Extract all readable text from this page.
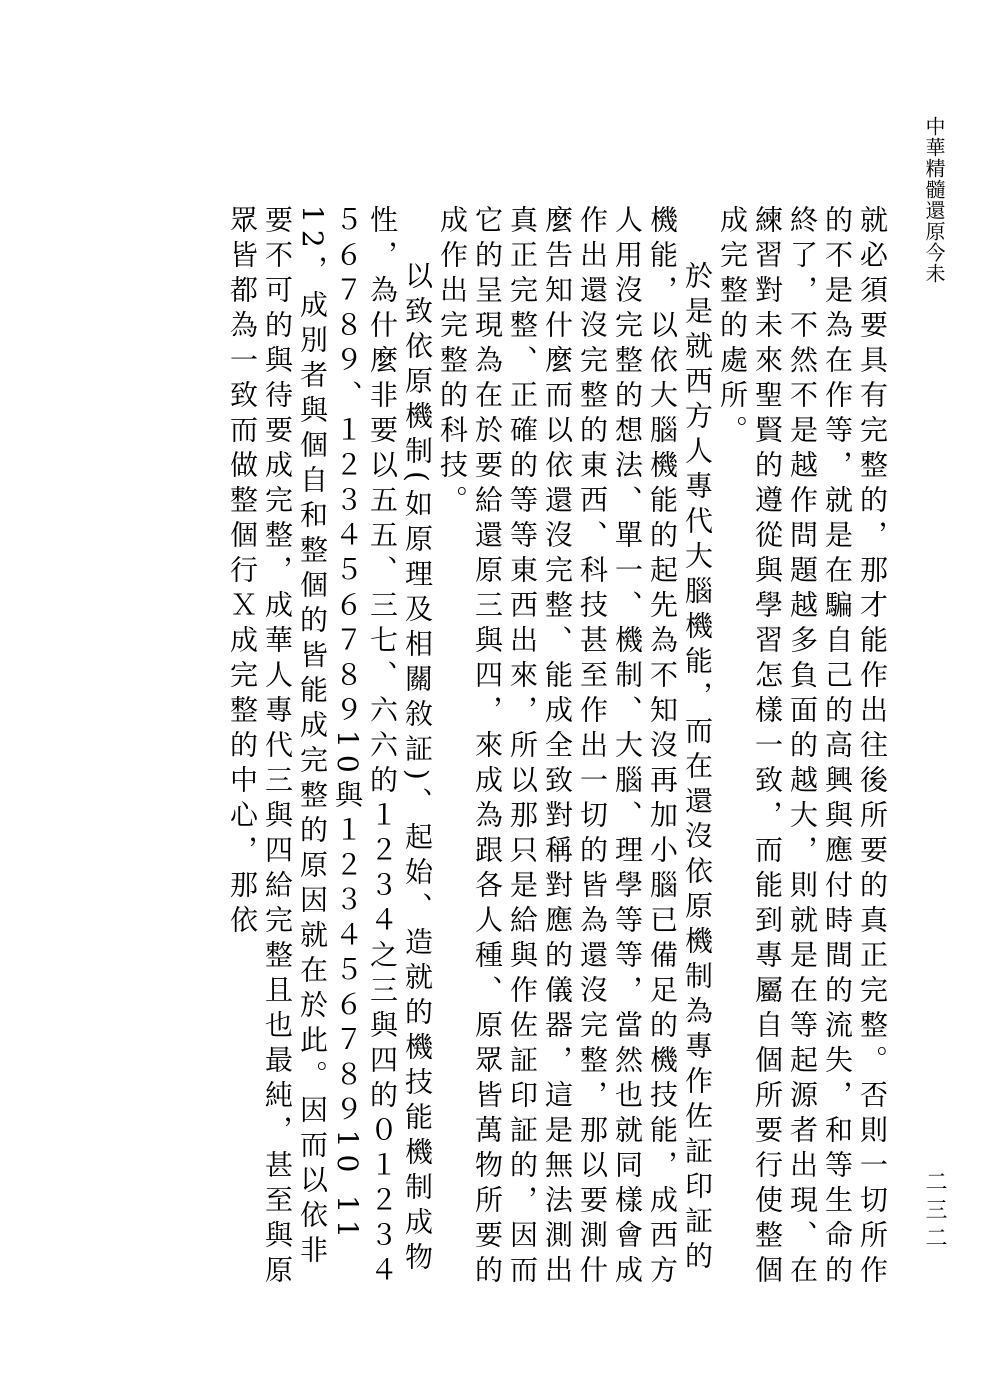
中華精髓還原今未
二三二

就必須要具有完整的，那才能作出往後所要的真正完整。否則一切所作的不是為在作等，就是在騙自己的高興與應付時間的流失，和等生命的終了，不然不是越作問題越多負面的越大，則就是在等起源者出現、在練習對未來聖賢的遵從與學習怎樣一致，而能到專屬自個所要行使整個成完整的處所。

於是就西方人專代大腦機能，而在還沒依原機制為專作佐証印証的機能，以依大腦機能的起先為不知沒再加小腦已備足的機技能，成西方人用沒完整的想法、單一、機制、大腦、理學等等，當然也就同樣會成作出還沒完整的東西、科技甚至作出一切的皆為還沒完整，那以要測什麼告知什麼而以依還沒完整、能成全致對稱對應的儀器，這是無法測出真正完整、正確的等等東西出來，所以那只是給與作佐証印証的，因而它的呈現為在於要給還原三與四，來成為跟各人種、原眾皆萬物所要的成作出完整的科技。

以致依原機制(如原理及相關敘証)、起始、造就的機技能機制成物性，為什麼非要以五五、三七、六六的１２３４之三與四的０１２３４５６７８９、１２３４５６７８９10與１２３４５６７８９10 11 12，成別者與個自和整個的皆能成完整的原因就在於此。因而以依非要不可的與待要成完整，成華人專代三與四給完整且也最純，甚至與原眾皆都為一致而做整個行Ｘ成完整的中心，那依
